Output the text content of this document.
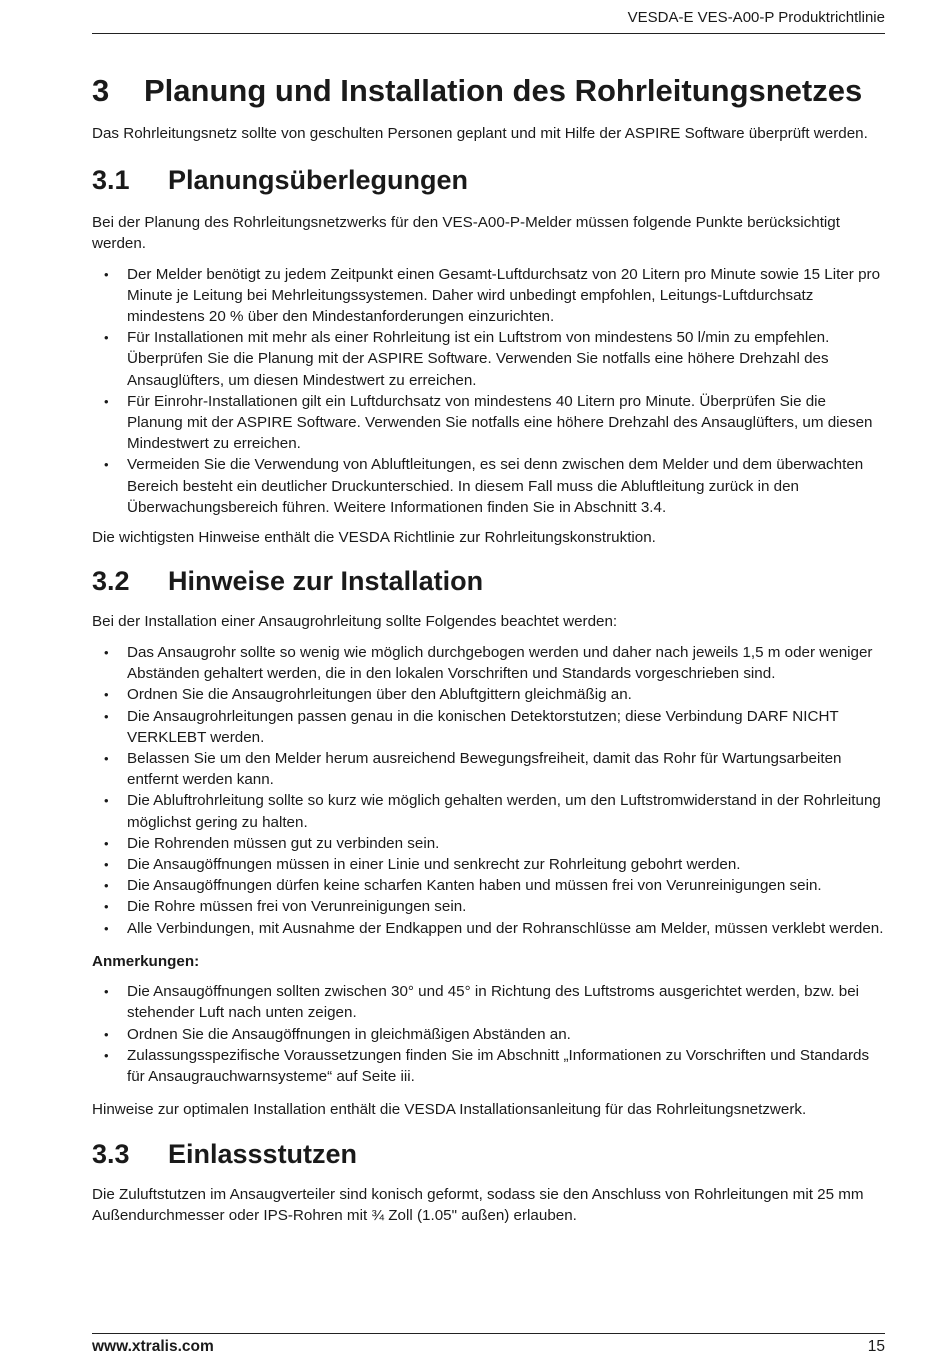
VESDA-E VES-A00-P Produktrichtlinie
3	Planung und Installation des Rohrleitungsnetzes

Das Rohrleitungsnetz sollte von geschulten Personen geplant und mit Hilfe der ASPIRE Software überprüft werden.

3.1	Planungsüberlegungen

Bei der Planung des Rohrleitungsnetzwerks für den VES-A00-P-Melder müssen folgende Punkte berücksichtigt werden.

• Der Melder benötigt zu jedem Zeitpunkt einen Gesamt-Luftdurchsatz von 20 Litern pro Minute sowie 15 Liter pro Minute je Leitung bei Mehrleitungssystemen. Daher wird unbedingt empfohlen, Leitungs-Luftdurchsatz mindestens 20 % über den Mindestanforderungen einzurichten.
• Für Installationen mit mehr als einer Rohrleitung ist ein Luftstrom von mindestens 50 l/min zu empfehlen. Überprüfen Sie die Planung mit der ASPIRE Software. Verwenden Sie notfalls eine höhere Drehzahl des Ansauglüfters, um diesen Mindestwert zu erreichen.
• Für Einrohr-Installationen gilt ein Luftdurchsatz von mindestens 40 Litern pro Minute. Überprüfen Sie die Planung mit der ASPIRE Software. Verwenden Sie notfalls eine höhere Drehzahl des Ansauglüfters, um diesen Mindestwert zu erreichen.
• Vermeiden Sie die Verwendung von Abluftleitungen, es sei denn zwischen dem Melder und dem überwachten Bereich besteht ein deutlicher Druckunterschied. In diesem Fall muss die Abluftleitung zurück in den Überwachungsbereich führen. Weitere Informationen finden Sie in Abschnitt 3.4.

Die wichtigsten Hinweise enthält die VESDA Richtlinie zur Rohrleitungskonstruktion.

3.2	Hinweise zur Installation

Bei der Installation einer Ansaugrohrleitung sollte Folgendes beachtet werden:

• Das Ansaugrohr sollte so wenig wie möglich durchgebogen werden und daher nach jeweils 1,5 m oder weniger Abständen gehaltert werden, die in den lokalen Vorschriften und Standards vorgeschrieben sind.
• Ordnen Sie die Ansaugrohrleitungen über den Abluftgittern gleichmäßig an.
• Die Ansaugrohrleitungen passen genau in die konischen Detektorstutzen; diese Verbindung DARF NICHT VERKLEBT werden.
• Belassen Sie um den Melder herum ausreichend Bewegungsfreiheit, damit das Rohr für Wartungsarbeiten entfernt werden kann.
• Die Abluftrohrleitung sollte so kurz wie möglich gehalten werden, um den Luftstromwiderstand in der Rohrleitung möglichst gering zu halten.
• Die Rohrenden müssen gut zu verbinden sein.
• Die Ansaugöffnungen müssen in einer Linie und senkrecht zur Rohrleitung gebohrt werden.
• Die Ansaugöffnungen dürfen keine scharfen Kanten haben und müssen frei von Verunreinigungen sein.
• Die Rohre müssen frei von Verunreinigungen sein.
• Alle Verbindungen, mit Ausnahme der Endkappen und der Rohranschlüsse am Melder, müssen verklebt werden.

Anmerkungen:

• Die Ansaugöffnungen sollten zwischen 30° und 45° in Richtung des Luftstroms ausgerichtet werden, bzw. bei stehender Luft nach unten zeigen.
• Ordnen Sie die Ansaugöffnungen in gleichmäßigen Abständen an.
• Zulassungsspezifische Voraussetzungen finden Sie im Abschnitt „Informationen zu Vorschriften und Standards für Ansaugrauchwarnsysteme“ auf Seite iii.

Hinweise zur optimalen Installation enthält die VESDA Installationsanleitung für das Rohrleitungsnetzwerk.

3.3	Einlassstutzen

Die Zuluftstutzen im Ansaugverteiler sind konisch geformt, sodass sie den Anschluss von Rohrleitungen mit 25 mm Außendurchmesser oder IPS-Rohren mit ¾ Zoll (1.05" außen) erlauben.

www.xtralis.com	15
